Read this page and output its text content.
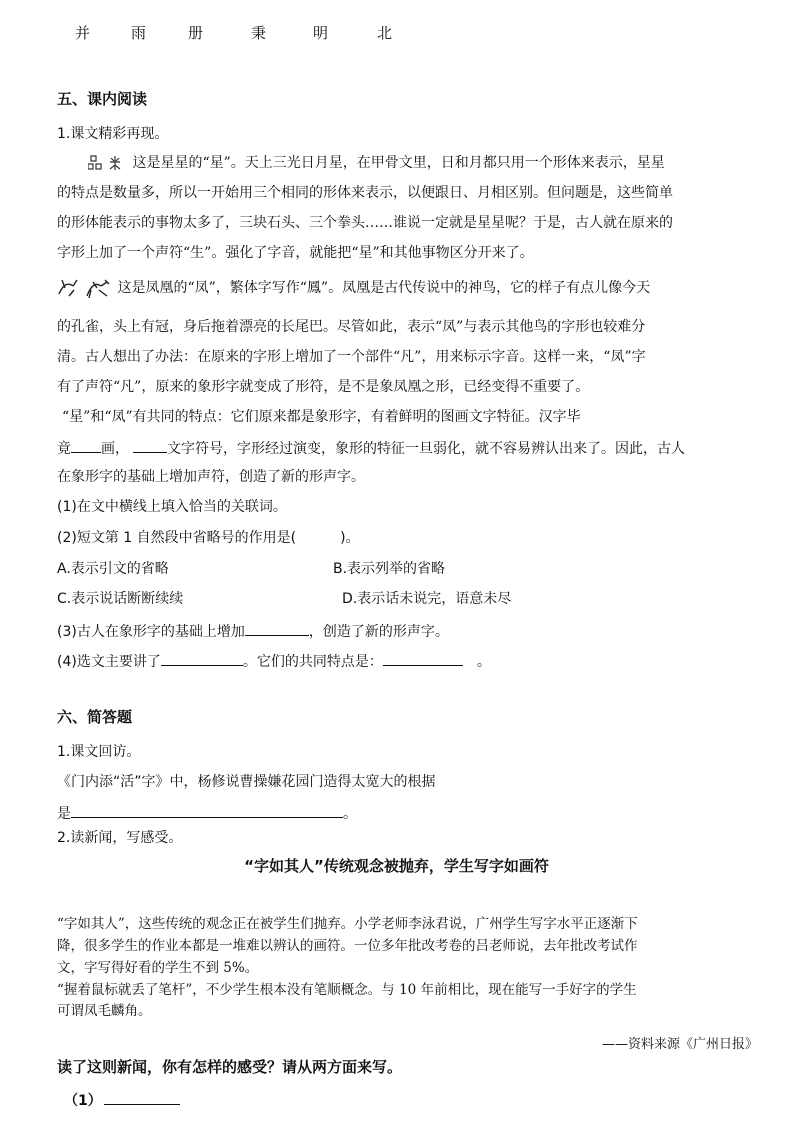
并	雨	册	秉	明	北
五、课内阅读
1.课文精彩再现。
这是星星的“星”。天上三光日月星，在甲骨文里，日和月都只用一个形体来表示，星星
的特点是数量多，所以一开始用三个相同的形体来表示，以便跟日、月相区别。但问题是，这些简单
的形体能表示的事物太多了，三块石头、三个拳头……谁说一定就是星星呢？于是，古人就在原来的
字形上加了一个声符“生”。强化了字音，就能把“星”和其他事物区分开来了。
这是凤凰的“凤”，繁体字写作“鳳”。凤凰是古代传说中的神鸟，它的样子有点儿像今天
的孔雀，头上有冠，身后拖着漂亮的长尾巴。尽管如此，表示“凤”与表示其他鸟的字形也较难分
清。古人想出了办法：在原来的字形上增加了一个部件“凡”，用来标示字音。这样一来，“凤”字
有了声符“凡”，原来的象形字就变成了形符，是不是象凤凰之形，已经变得不重要了。
“星”和“凤”有共同的特点：它们原来都是象形字，有着鲜明的图画文字特征。汉字毕
竟 画，	文字符号，字形经过演变，象形的特征一旦弱化，就不容易辨认出来了。因此，古人
在象形字的基础上增加声符，创造了新的形声字。
(1)在文中横线上填入恰当的关联词。
(2)短文第 1 自然段中省略号的作用是(	)。
A.表示引文的省略	B.表示列举的省略
C.表示说话断断续续	D.表示话未说完，语意未尽
(3)古人在象形字的基础上增加	，创造了新的形声字。
(4)选文主要讲了	。它们的共同特点是：	。
六、简答题
1.课文回访。
《门内添“活”字》中，杨修说曹操嫌花园门造得太宽大的根据
是	。
2.读新闻，写感受。
“字如其人”传统观念被抛弃，学生写字如画符
“字如其人”，这些传统的观念正在被学生们抛弃。小学老师李泳君说，广州学生写字水平正逐渐下
降，很多学生的作业本都是一堆难以辨认的画符。一位多年批改考卷的吕老师说，去年批改考试作
文，字写得好看的学生不到 5%。
“握着鼠标就丢了笔杆”，不少学生根本没有笔顺概念。与 10 年前相比，现在能写一手好字的学生
可谓凤毛麟角。
——资料来源《广州日报》
读了这则新闻，你有怎样的感受？请从两方面来写。
（1）
